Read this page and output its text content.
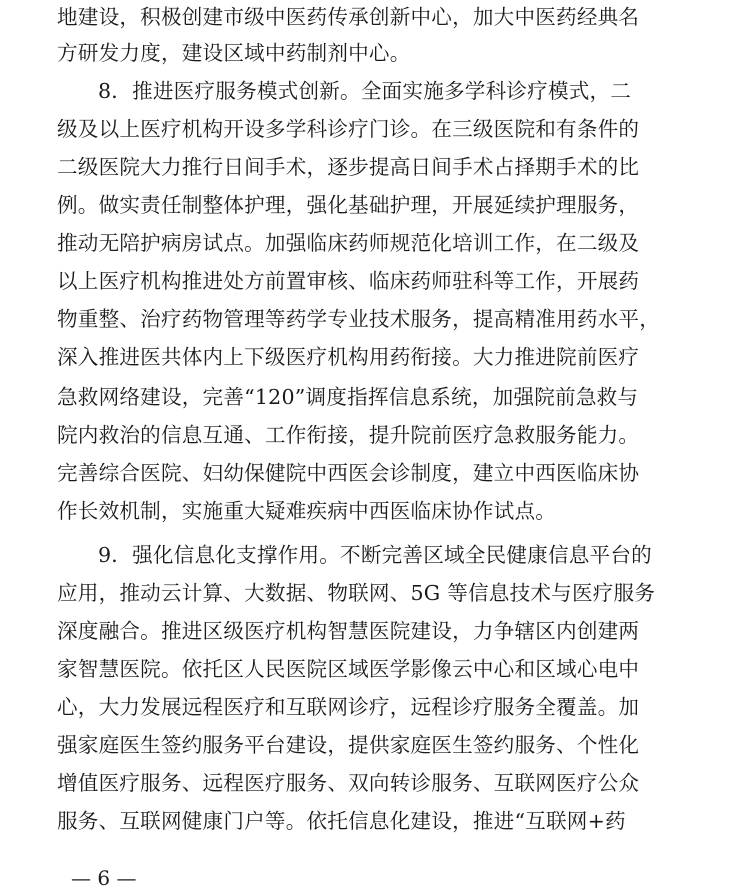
地建设，积极创建市级中医药传承创新中心，加大中医药经典名
方研发力度，建设区域中药制剂中心。
8．推进医疗服务模式创新。全面实施多学科诊疗模式，二
级及以上医疗机构开设多学科诊疗门诊。在三级医院和有条件的
二级医院大力推行日间手术，逐步提高日间手术占择期手术的比
例。做实责任制整体护理，强化基础护理，开展延续护理服务，
推动无陪护病房试点。加强临床药师规范化培训工作，在二级及
以上医疗机构推进处方前置审核、临床药师驻科等工作，开展药
物重整、治疗药物管理等药学专业技术服务，提高精准用药水平，
深入推进医共体内上下级医疗机构用药衔接。大力推进院前医疗
急救网络建设，完善“120”调度指挥信息系统，加强院前急救与
院内救治的信息互通、工作衔接，提升院前医疗急救服务能力。
完善综合医院、妇幼保健院中西医会诊制度，建立中西医临床协
作长效机制，实施重大疑难疾病中西医临床协作试点。
9．强化信息化支撑作用。不断完善区域全民健康信息平台的
应用，推动云计算、大数据、物联网、5G 等信息技术与医疗服务
深度融合。推进区级医疗机构智慧医院建设，力争辖区内创建两
家智慧医院。依托区人民医院区域医学影像云中心和区域心电中
心，大力发展远程医疗和互联网诊疗，远程诊疗服务全覆盖。加
强家庭医生签约服务平台建设，提供家庭医生签约服务、个性化
增值医疗服务、远程医疗服务、双向转诊服务、互联网医疗公众
服务、互联网健康门户等。依托信息化建设，推进“互联网+药
— 6 —
